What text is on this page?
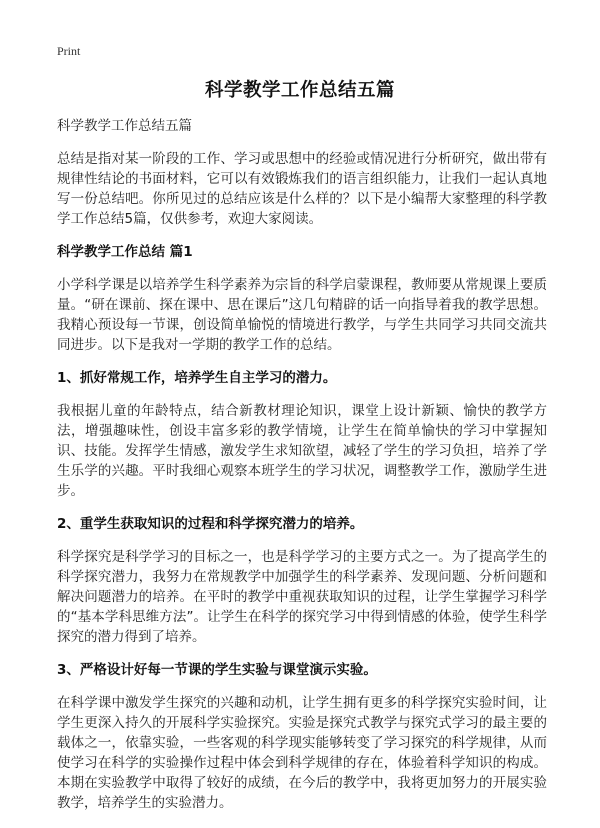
Print
科学教学工作总结五篇

科学教学工作总结五篇

总结是指对某一阶段的工作、学习或思想中的经验或情况进行分析研究，做出带有规律性结论的书面材料，它可以有效锻炼我们的语言组织能力，让我们一起认真地写一份总结吧。你所见过的总结应该是什么样的？以下是小编帮大家整理的科学教学工作总结5篇，仅供参考，欢迎大家阅读。

科学教学工作总结 篇1

小学科学课是以培养学生科学素养为宗旨的科学启蒙课程，教师要从常规课上要质量。“研在课前、探在课中、思在课后”这几句精辟的话一向指导着我的教学思想。我精心预设每一节课，创设简单愉悦的情境进行教学，与学生共同学习共同交流共同进步。以下是我对一学期的教学工作的总结。

1、抓好常规工作，培养学生自主学习的潜力。

我根据儿童的年龄特点，结合新教材理论知识，课堂上设计新颖、愉快的教学方法，增强趣味性，创设丰富多彩的教学情境，让学生在简单愉快的学习中掌握知识、技能。发挥学生情感，激发学生求知欲望，减轻了学生的学习负担，培养了学生乐学的兴趣。平时我细心观察本班学生的学习状况，调整教学工作，激励学生进步。

2、重学生获取知识的过程和科学探究潜力的培养。

科学探究是科学学习的目标之一，也是科学学习的主要方式之一。为了提高学生的科学探究潜力，我努力在常规教学中加强学生的科学素养、发现问题、分析问题和解决问题潜力的培养。在平时的教学中重视获取知识的过程，让学生掌握学习科学的“基本学科思维方法”。让学生在科学的探究学习中得到情感的体验，使学生科学探究的潜力得到了培养。

3、严格设计好每一节课的学生实验与课堂演示实验。

在科学课中激发学生探究的兴趣和动机，让学生拥有更多的科学探究实验时间，让学生更深入持久的开展科学实验探究。实验是探究式教学与探究式学习的最主要的载体之一，依靠实验，一些客观的科学现实能够转变了学习探究的科学规律，从而使学习在科学的实验操作过程中体会到科学规律的存在，体验着科学知识的构成。本期在实验教学中取得了较好的成绩，在今后的教学中，我将更加努力的开展实验教学，培养学生的实验潜力。
